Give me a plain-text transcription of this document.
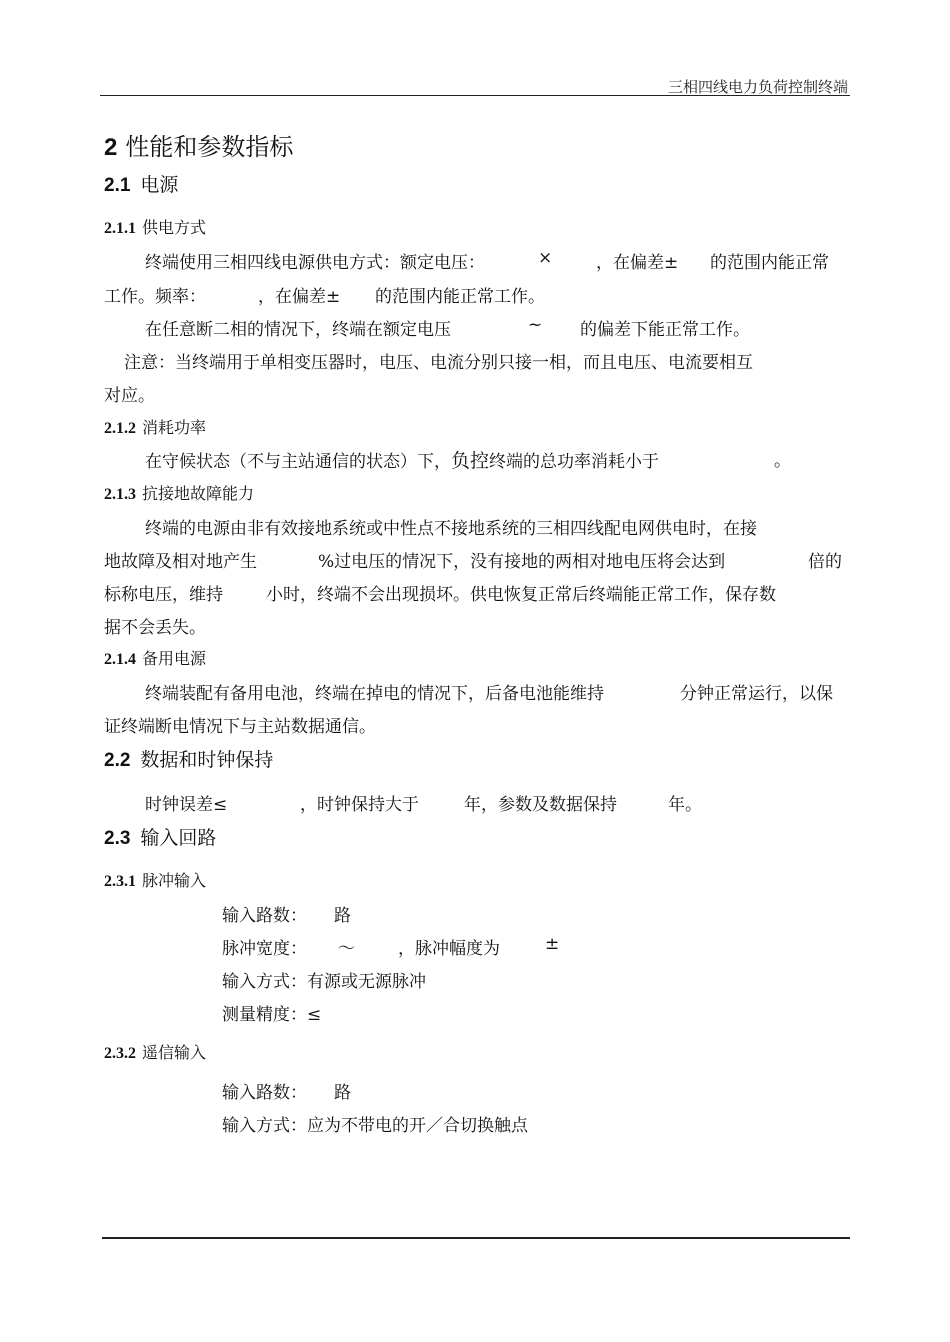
三相四线电力负荷控制终端
2 性能和参数指标
2.1 电源
2.1.1 供电方式
终端使用三相四线电源供电方式：额定电压：	×	，在偏差± 的范围内能正常
工作。频率：	，在偏差± 的范围内能正常工作。
在任意断二相的情况下，终端在额定电压	~ 的偏差下能正常工作。
注意：当终端用于单相变压器时，电压、电流分别只接一相，而且电压、电流要相互
对应。
2.1.2 消耗功率
在守候状态（不与主站通信的状态）下，负控终端的总功率消耗小于	。
2.1.3 抗接地故障能力
终端的电源由非有效接地系统或中性点不接地系统的三相四线配电网供电时，在接
地故障及相对地产生	%过电压的情况下，没有接地的两相对地电压将会达到	倍的
标称电压，维持	小时，终端不会出现损坏。供电恢复正常后终端能正常工作，保存数
据不会丢失。
2.1.4 备用电源
终端装配有备用电池，终端在掉电的情况下，后备电池能维持	分钟正常运行，以保
证终端断电情况下与主站数据通信。
2.2 数据和时钟保持
时钟误差≤	，时钟保持大于	年，参数及数据保持	年。
2.3 输入回路
2.3.1 脉冲输入
输入路数： 路
脉冲宽度： ～	，脉冲幅度为	±
输入方式：有源或无源脉冲
测量精度：≤
2.3.2 遥信输入
输入路数： 路
输入方式：应为不带电的开／合切换触点
